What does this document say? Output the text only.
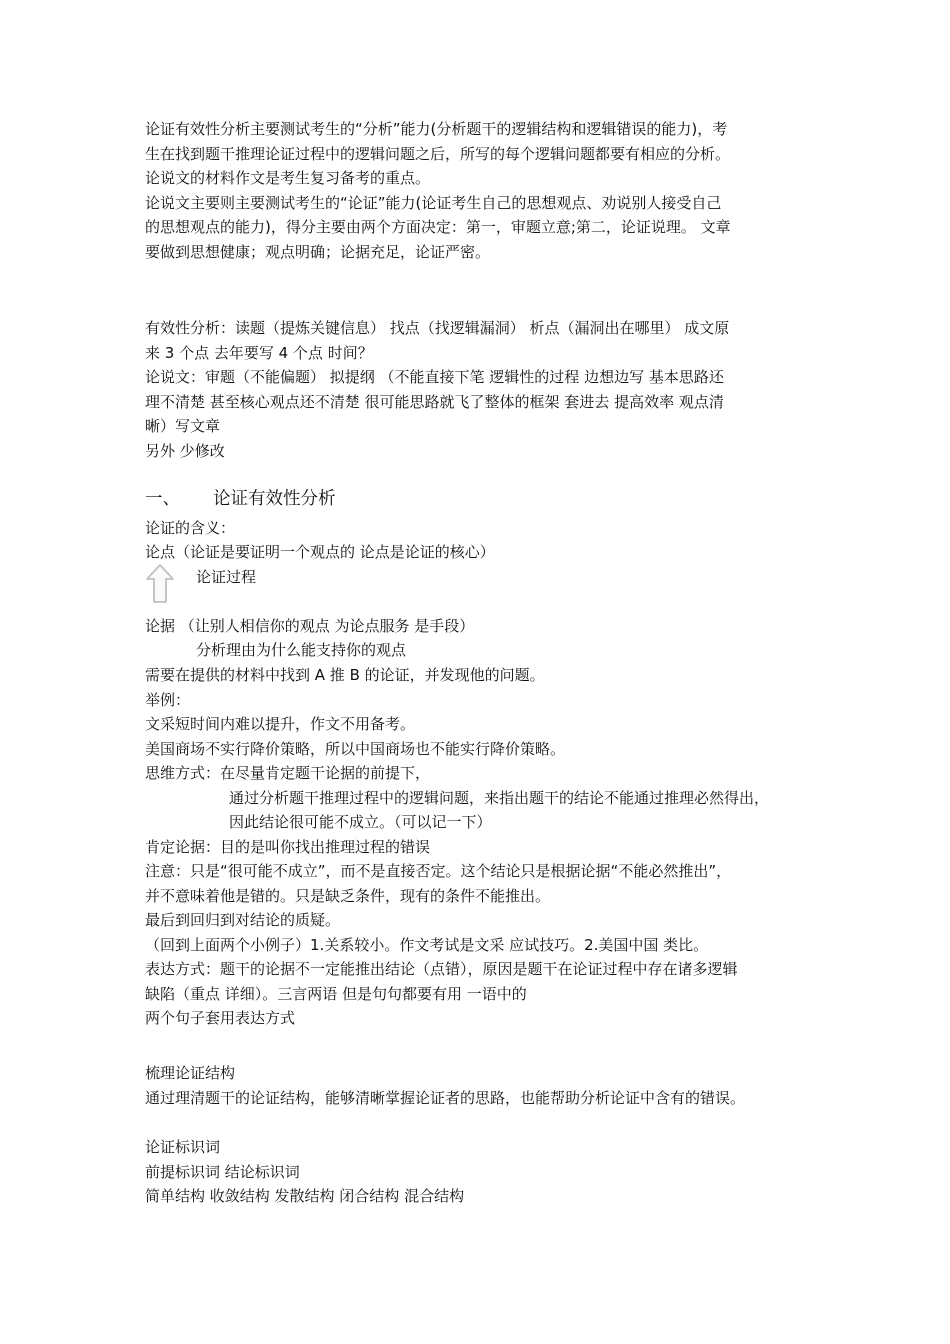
论证有效性分析主要测试考生的“分析”能力(分析题干的逻辑结构和逻辑错误的能力)，考
生在找到题干推理论证过程中的逻辑问题之后，所写的每个逻辑问题都要有相应的分析。
论说文的材料作文是考生复习备考的重点。
论说文主要则主要测试考生的“论证”能力(论证考生自己的思想观点、劝说别人接受自己
的思想观点的能力)，得分主要由两个方面决定：第一，审题立意;第二，论证说理。 文章
要做到思想健康；观点明确；论据充足，论证严密。
有效性分析：读题（提炼关键信息） 找点（找逻辑漏洞） 析点（漏洞出在哪里） 成文原
来 3 个点 去年要写 4 个点 时间？
论说文：审题（不能偏题） 拟提纲 （不能直接下笔 逻辑性的过程 边想边写 基本思路还
理不清楚 甚至核心观点还不清楚 很可能思路就飞了整体的框架 套进去 提高效率 观点清
晰）写文章
另外 少修改
一、 论证有效性分析
论证的含义：
论点（论证是要证明一个观点的 论点是论证的核心）
论证过程
论据 （让别人相信你的观点 为论点服务 是手段）
分析理由为什么能支持你的观点
需要在提供的材料中找到 A 推 B 的论证，并发现他的问题。
举例：
文采短时间内难以提升，作文不用备考。
美国商场不实行降价策略，所以中国商场也不能实行降价策略。
思维方式：在尽量肯定题干论据的前提下，
通过分析题干推理过程中的逻辑问题，来指出题干的结论不能通过推理必然得出，
因此结论很可能不成立。（可以记一下）
肯定论据：目的是叫你找出推理过程的错误
注意：只是“很可能不成立”，而不是直接否定。这个结论只是根据论据“不能必然推出”，
并不意味着他是错的。只是缺乏条件，现有的条件不能推出。
最后到回归到对结论的质疑。
（回到上面两个小例子）1.关系较小。作文考试是文采 应试技巧。2.美国中国 类比。
表达方式：题干的论据不一定能推出结论（点错），原因是题干在论证过程中存在诸多逻辑
缺陷（重点 详细）。三言两语 但是句句都要有用 一语中的
两个句子套用表达方式
梳理论证结构
通过理清题干的论证结构，能够清晰掌握论证者的思路，也能帮助分析论证中含有的错误。
论证标识词
前提标识词 结论标识词
简单结构 收敛结构 发散结构 闭合结构 混合结构
